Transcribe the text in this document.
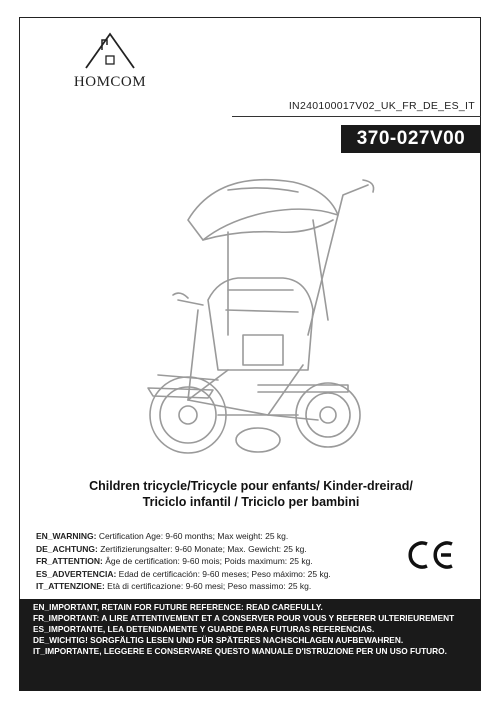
HOMCOM
IN240100017V02_UK_FR_DE_ES_IT
370-027V00
Children tricycle/Tricycle pour enfants/ Kinder-dreirad/
Triciclo infantil / Triciclo per bambini
EN_WARNING: Certification Age: 9-60 months; Max weight: 25 kg.
DE_ACHTUNG: Zertifizierungsalter: 9-60 Monate; Max. Gewicht: 25 kg.
FR_ATTENTION: Âge de certification: 9-60 mois; Poids maximum: 25 kg.
ES_ADVERTENCIA: Edad de certificación: 9-60 meses; Peso máximo: 25 kg.
IT_ATTENZIONE: Età di certificazione: 9-60 mesi; Peso massimo: 25 kg.

EN_IMPORTANT, RETAIN FOR FUTURE REFERENCE: READ CAREFULLY.

FR_IMPORTANT: A LIRE ATTENTIVEMENT ET A CONSERVER POUR VOUS Y REFERER ULTERIEUREMENT

ES_IMPORTANTE, LEA DETENIDAMENTE Y GUARDE PARA FUTURAS REFERENCIAS.

DE_WICHTIG! SORGFÄLTIG LESEN UND FÜR SPÄTERES NACHSCHLAGEN AUFBEWAHREN.

IT_IMPORTANTE, LEGGERE E CONSERVARE QUESTO MANUALE D'ISTRUZIONE PER UN USO FUTURO.
